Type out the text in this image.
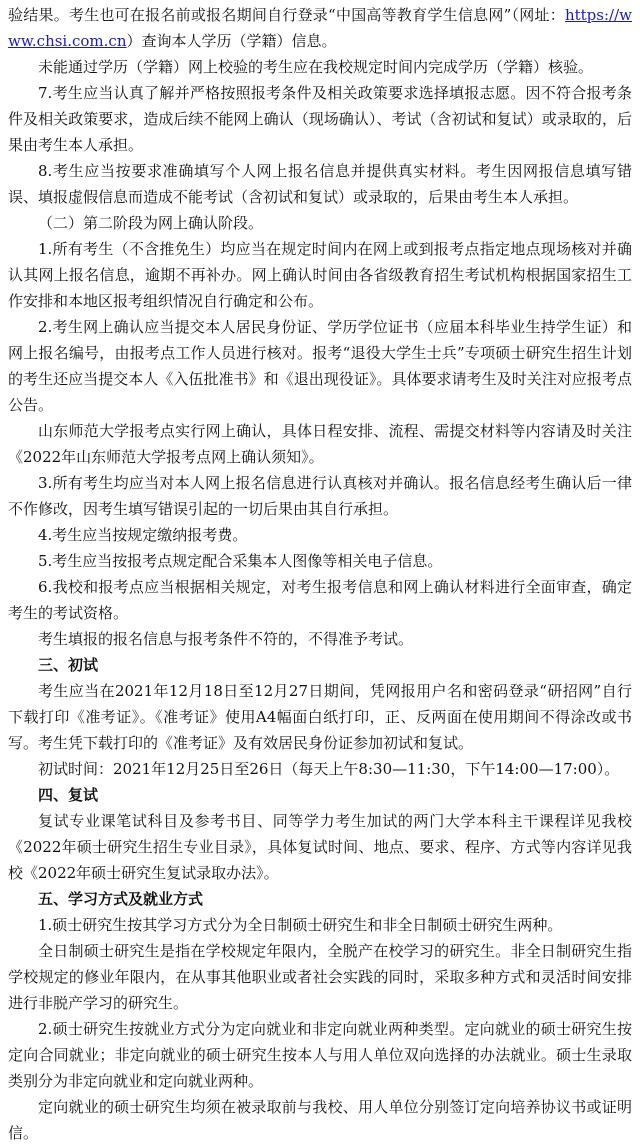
验结果。考生也可在报名前或报名期间自行登录“中国高等教育学生信息网”（网址：https://www.chsi.com.cn）查询本人学历（学籍）信息。

未能通过学历（学籍）网上校验的考生应在我校规定时间内完成学历（学籍）核验。

7.考生应当认真了解并严格按照报考条件及相关政策要求选择填报志愿。因不符合报考条件及相关政策要求，造成后续不能网上确认（现场确认）、考试（含初试和复试）或录取的，后果由考生本人承担。

8.考生应当按要求准确填写个人网上报名信息并提供真实材料。考生因网报信息填写错误、填报虚假信息而造成不能考试（含初试和复试）或录取的，后果由考生本人承担。

（二）第二阶段为网上确认阶段。

1.所有考生（不含推免生）均应当在规定时间内在网上或到报考点指定地点现场核对并确认其网上报名信息，逾期不再补办。网上确认时间由各省级教育招生考试机构根据国家招生工作安排和本地区报考组织情况自行确定和公布。

2.考生网上确认应当提交本人居民身份证、学历学位证书（应届本科毕业生持学生证）和网上报名编号，由报考点工作人员进行核对。报考“退役大学生士兵”专项硕士研究生招生计划的考生还应当提交本人《入伍批准书》和《退出现役证》。具体要求请考生及时关注对应报考点公告。

山东师范大学报考点实行网上确认，具体日程安排、流程、需提交材料等内容请及时关注《2022年山东师范大学报考点网上确认须知》。

3.所有考生均应当对本人网上报名信息进行认真核对并确认。报名信息经考生确认后一律不作修改，因考生填写错误引起的一切后果由其自行承担。

4.考生应当按规定缴纳报考费。

5.考生应当按报考点规定配合采集本人图像等相关电子信息。

6.我校和报考点应当根据相关规定，对考生报考信息和网上确认材料进行全面审查，确定考生的考试资格。

考生填报的报名信息与报考条件不符的，不得准予考试。

三、初试

考生应当在2021年12月18日至12月27日期间，凭网报用户名和密码登录“研招网”自行下载打印《准考证》。《准考证》使用A4幅面白纸打印，正、反两面在使用期间不得涂改或书写。考生凭下载打印的《准考证》及有效居民身份证参加初试和复试。

初试时间：2021年12月25日至26日（每天上午8:30—11:30，下午14:00—17:00）。

四、复试

复试专业课笔试科目及参考书目、同等学力考生加试的两门大学本科主干课程详见我校《2022年硕士研究生招生专业目录》，具体复试时间、地点、要求、程序、方式等内容详见我校《2022年硕士研究生复试录取办法》。

五、学习方式及就业方式

1.硕士研究生按其学习方式分为全日制硕士研究生和非全日制硕士研究生两种。

全日制硕士研究生是指在学校规定年限内，全脱产在校学习的研究生。非全日制研究生指学校规定的修业年限内，在从事其他职业或者社会实践的同时，采取多种方式和灵活时间安排进行非脱产学习的研究生。

2.硕士研究生按就业方式分为定向就业和非定向就业两种类型。定向就业的硕士研究生按定向合同就业；非定向就业的硕士研究生按本人与用人单位双向选择的办法就业。硕士生录取类别分为非定向就业和定向就业两种。

定向就业的硕士研究生均须在被录取前与我校、用人单位分别签订定向培养协议书或证明信。
